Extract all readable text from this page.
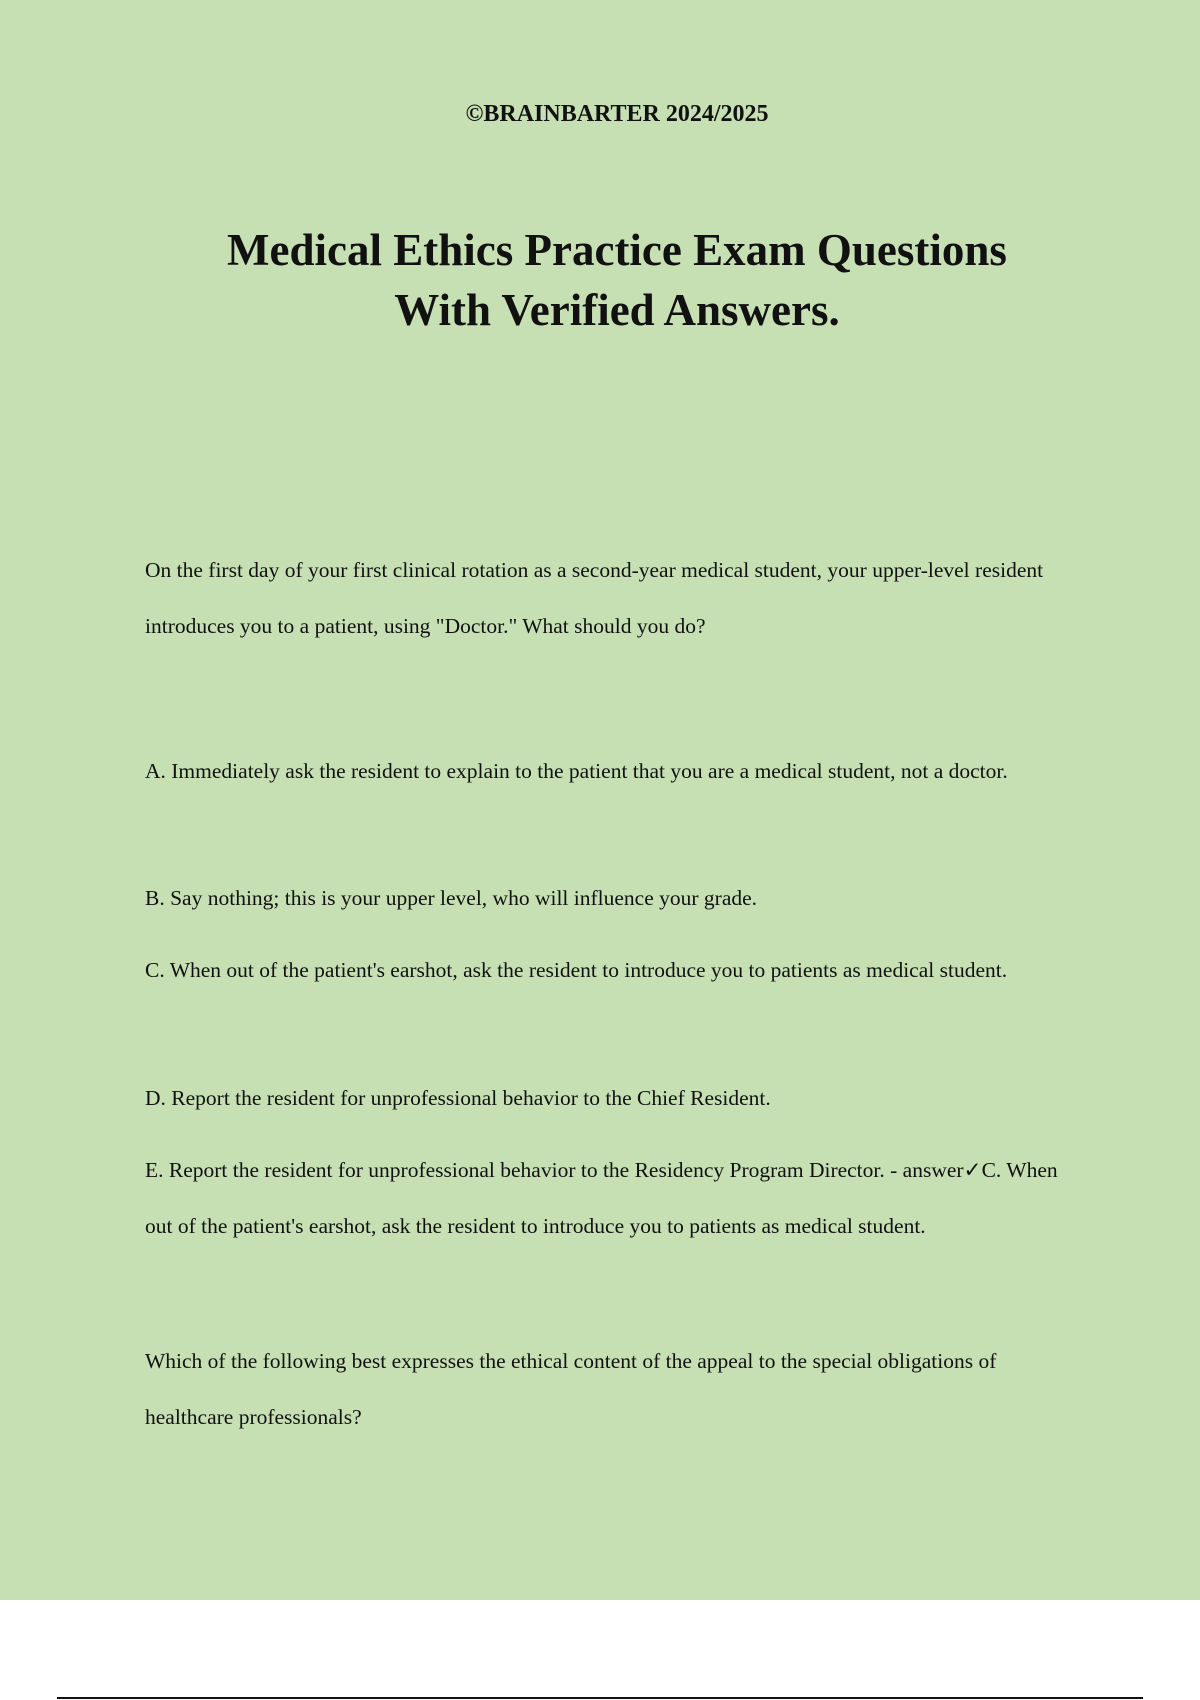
©BRAINBARTER 2024/2025

Medical Ethics Practice Exam Questions
With Verified Answers.

On the first day of your first clinical rotation as a second-year medical student, your upper-level resident introduces you to a patient, using "Doctor." What should you do?

A. Immediately ask the resident to explain to the patient that you are a medical student, not a doctor.

B. Say nothing; this is your upper level, who will influence your grade.

C. When out of the patient's earshot, ask the resident to introduce you to patients as medical student.

D. Report the resident for unprofessional behavior to the Chief Resident.

E. Report the resident for unprofessional behavior to the Residency Program Director. - answer✓C. When out of the patient's earshot, ask the resident to introduce you to patients as medical student.

Which of the following best expresses the ethical content of the appeal to the special obligations of healthcare professionals?
